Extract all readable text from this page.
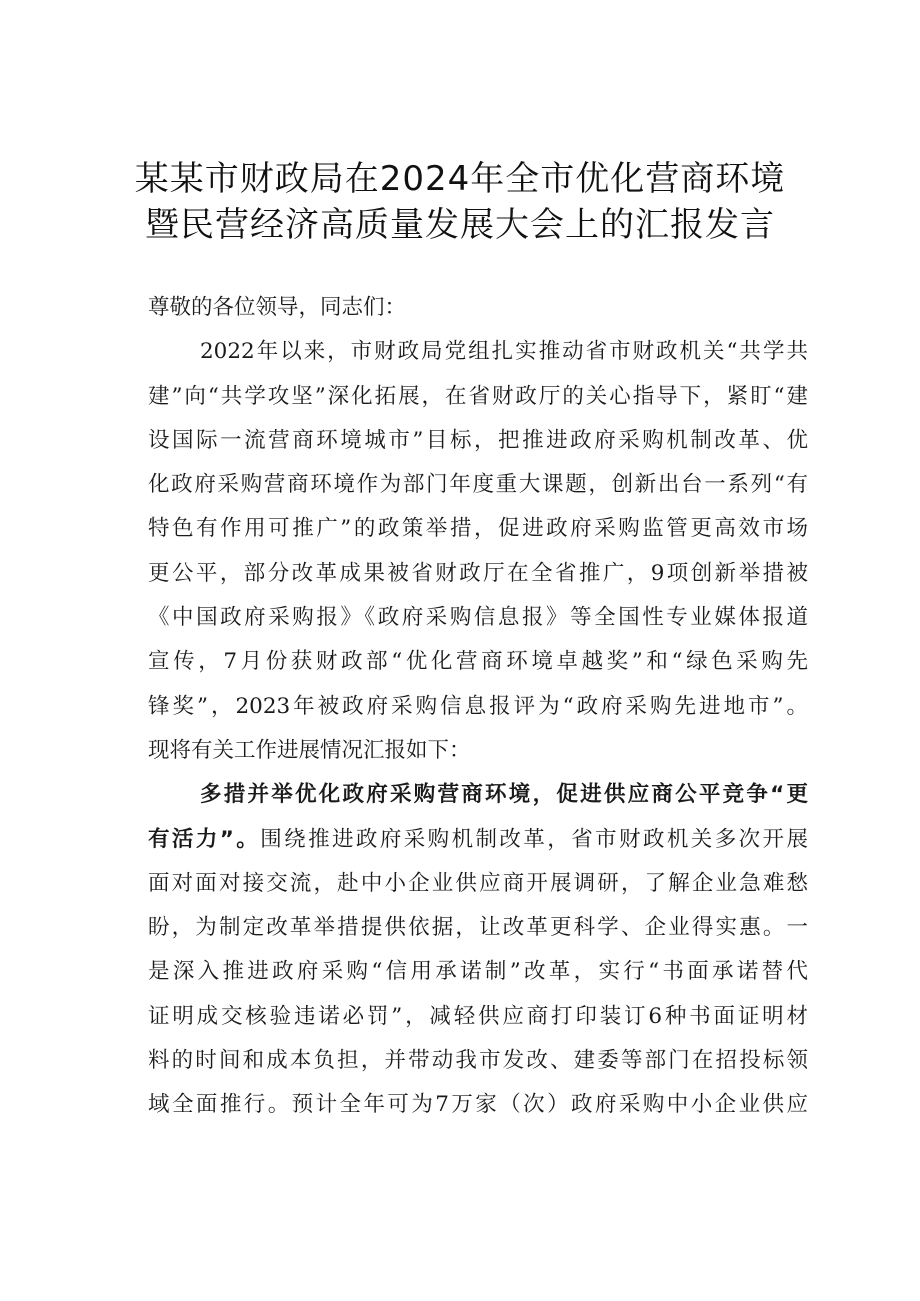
某某市财政局在2024年全市优化营商环境
暨民营经济高质量发展大会上的汇报发言
尊敬的各位领导，同志们：
2022年以来，市财政局党组扎实推动省市财政机关“共学共
建”向“共学攻坚”深化拓展，在省财政厅的关心指导下，紧盯“建
设国际一流营商环境城市”目标，把推进政府采购机制改革、优
化政府采购营商环境作为部门年度重大课题，创新出台一系列“有
特色有作用可推广”的政策举措，促进政府采购监管更高效市场
更公平，部分改革成果被省财政厅在全省推广，9项创新举措被
《中国政府采购报》《政府采购信息报》等全国性专业媒体报道
宣传，7月份获财政部“优化营商环境卓越奖”和“绿色采购先
锋奖”，2023年被政府采购信息报评为“政府采购先进地市”。
现将有关工作进展情况汇报如下：
多措并举优化政府采购营商环境，促进供应商公平竞争“更
有活力”。围绕推进政府采购机制改革，省市财政机关多次开展
面对面对接交流，赴中小企业供应商开展调研，了解企业急难愁
盼，为制定改革举措提供依据，让改革更科学、企业得实惠。一
是深入推进政府采购“信用承诺制”改革，实行“书面承诺替代
证明成交核验违诺必罚”，减轻供应商打印装订6种书面证明材
料的时间和成本负担，并带动我市发改、建委等部门在招投标领
域全面推行。预计全年可为7万家（次）政府采购中小企业供应
